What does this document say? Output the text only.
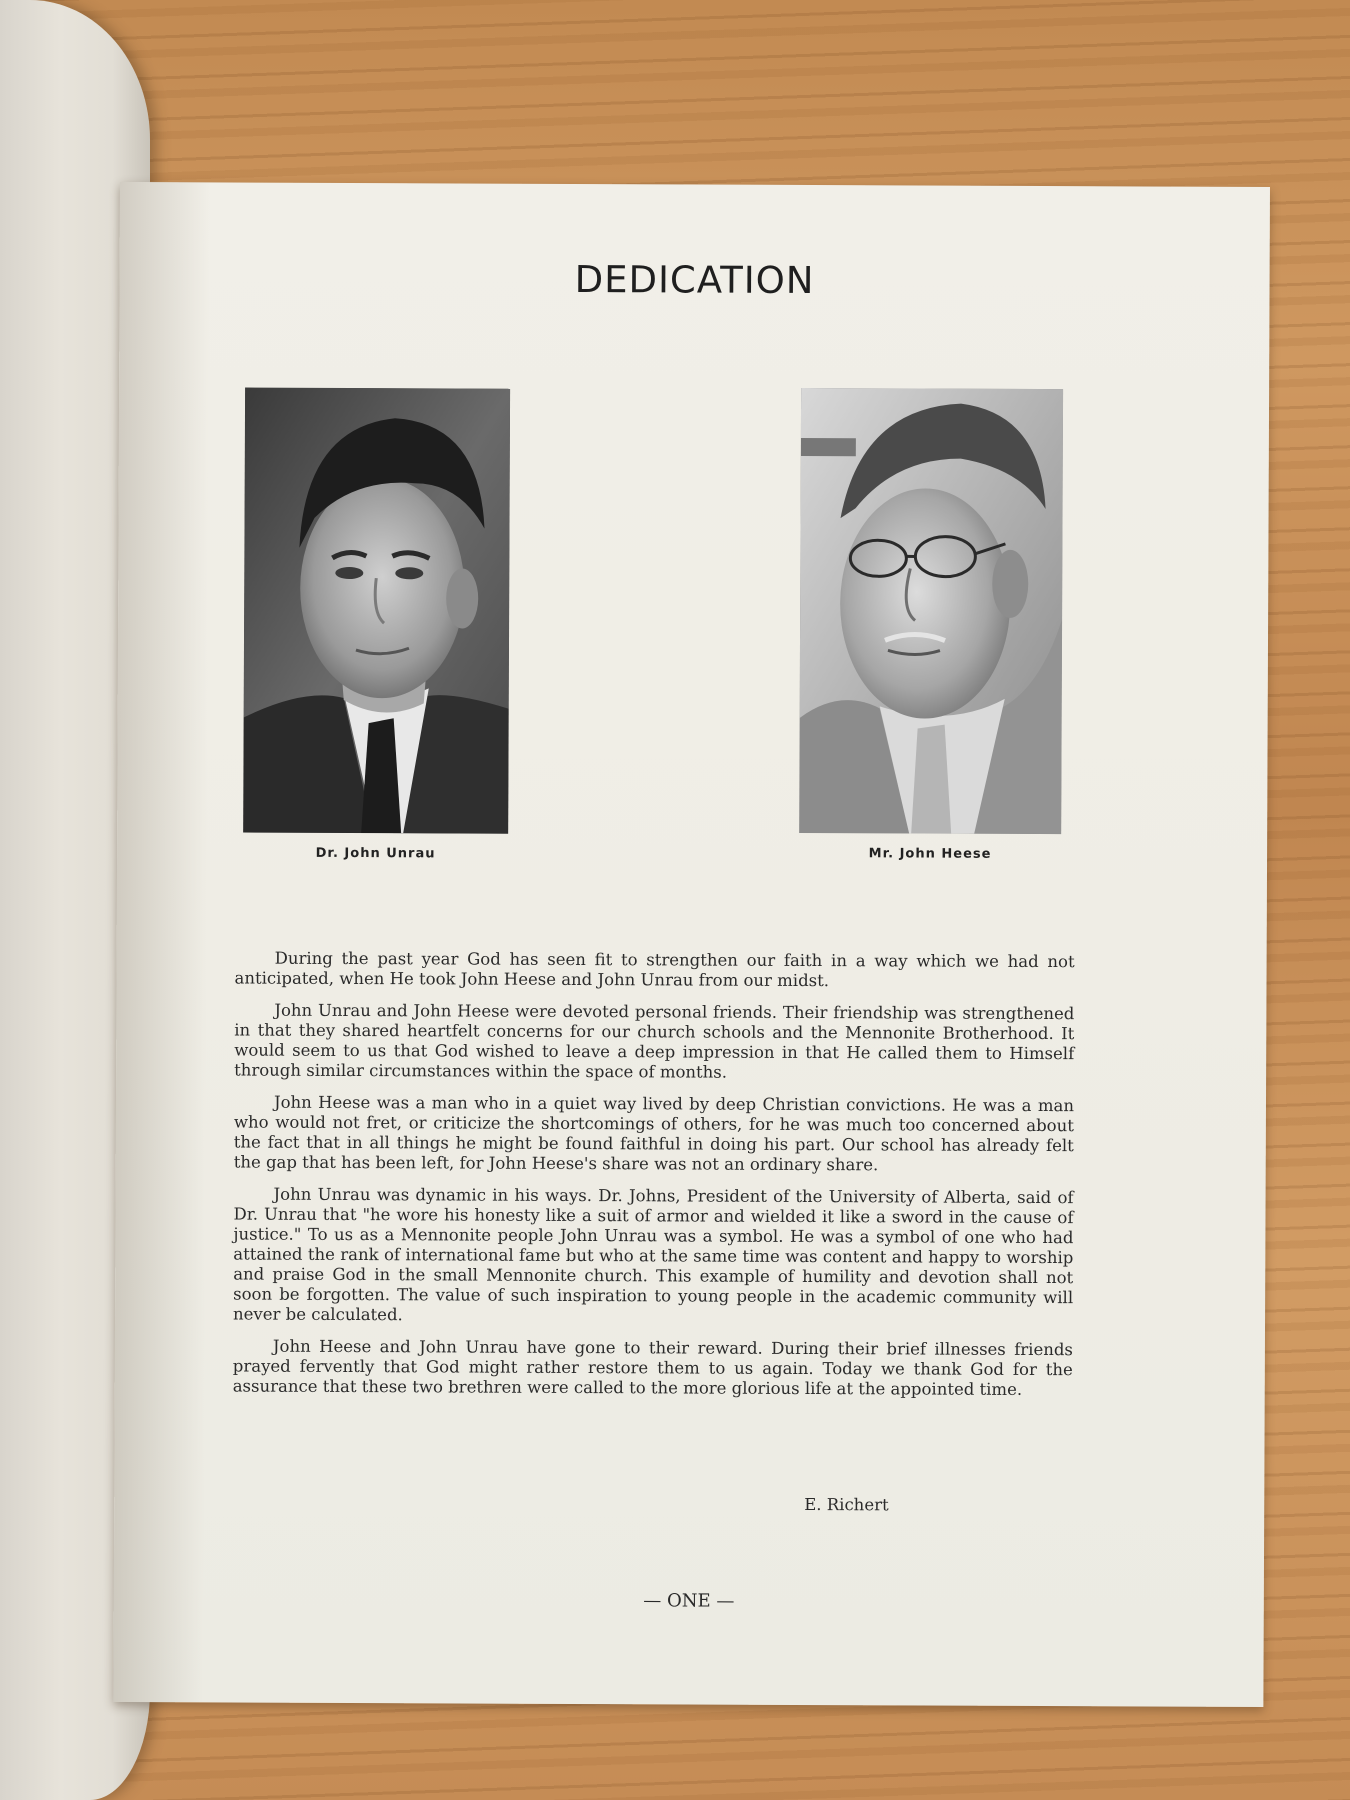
DEDICATION
Dr. John Unrau	Mr. John Heese

During the past year God has seen fit to strengthen our faith in a way which we had not anticipated, when He took John Heese and John Unrau from our midst.

John Unrau and John Heese were devoted personal friends. Their friendship was strengthened in that they shared heartfelt concerns for our church schools and the Mennonite Brotherhood. It would seem to us that God wished to leave a deep impression in that He called them to Himself through similar circumstances within the space of months.

John Heese was a man who in a quiet way lived by deep Christian convictions. He was a man who would not fret, or criticize the shortcomings of others, for he was much too concerned about the fact that in all things he might be found faithful in doing his part. Our school has already felt the gap that has been left, for John Heese's share was not an ordinary share.

John Unrau was dynamic in his ways. Dr. Johns, President of the University of Alberta, said of Dr. Unrau that "he wore his honesty like a suit of armor and wielded it like a sword in the cause of justice." To us as a Mennonite people John Unrau was a symbol. He was a symbol of one who had attained the rank of international fame but who at the same time was content and happy to worship and praise God in the small Mennonite church. This example of humility and devotion shall not soon be forgotten. The value of such inspiration to young people in the academic community will never be calculated.

John Heese and John Unrau have gone to their reward. During their brief illnesses friends prayed fervently that God might rather restore them to us again. Today we thank God for the assurance that these two brethren were called to the more glorious life at the appointed time.

E. Richert
— ONE —
